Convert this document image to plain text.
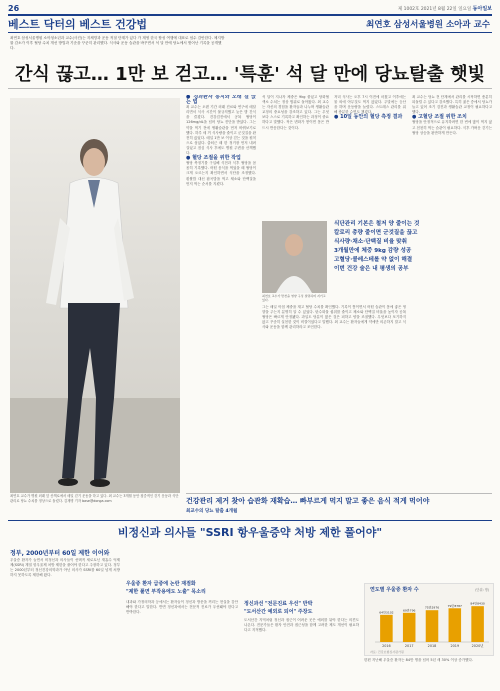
26	제 1002호 2021년 8월 22일 일요일 동아일보
베스트 닥터의 베스트 건강법	최연호 삼성서울병원 소아과 교수
최연호 삼성서울병원 소아청소년과 교수(사진)는 지체망과 운동 적절 단계가 있다 가 재영 한국 합성 여행에 대표로 엄수 감안한다. 체지방률 감소가 이후 혈당 수치 개선 방법과 기준을 꾸준히 관리했다. 식사와 운동 습관을 바꾸면서 석 달 만에 당뇨에서 벗어난 기록을 공개했다.
간식 끊고… 1만 보 걷고… '특훈' 석 달 만에 당뇨탈출 햇빛
최연호 교수가 병원 외래 앞 산책로에서 매일 걷기 운동을 하고 있다. 최 교수는 3개월 동안 집중적인 걷기 운동과 식단 관리로 당뇨 수치를 정상으로 돌렸다. 김재명 기자 base@donga.com
● 경과환자 통지와 오래 걸 앉는 법
최 교수는 오랜 기간 외래 진료와 연구에 매달리면서 식사 시간이 불규칙했고 늦은 밤 간식을 즐겼다. 건강검진에서 공복 혈당이 126mg/dL을 넘어 당뇨 진단을 받았다. 그는 약을 먹기 전에 생활습관을 먼저 바꿔보기로 했다. 하루 세 끼 식사량을 줄이고 군것질을 완전히 끊었다. 매일 1만 보 이상 걷는 것을 원칙으로 삼았다. 출퇴근 때 한 정거장 먼저 내려 걸었고 점심 식사 후에도 병원 주변을 산책했다.
● 혈당 조절을 위한 작업
혈당 측정기를 구입해 식전과 식후 혈당을 꼼꼼히 기록했다. 어떤 음식을 먹었을 때 혈당이 크게 오르는지 확인하면서 식단을 조정했다. 흰쌀밥 대신 잡곡밥을 먹고 채소와 단백질을 먼저 먹는 순서를 지켰다.
석 달이 지나자 체중은 9kg 줄었고 당화혈색소 수치는 정상 범위로 돌아왔다. 최 교수는 자신의 경험을 환자들과 나누며 생활습관 교정의 중요성을 강조하고 있다. 그는 무엇보다 스스로 기록하고 확인하는 과정이 중요하다고 말했다. 작은 변화가 쌓이면 몸은 반드시 반응한다는 것이다.
저녁 식사는 오후 7시 이전에 마쳤고 이후에는 물 외에 아무것도 먹지 않았다. 주말에는 등산을 하며 운동량을 늘렸다. 스트레스 관리를 위해 충분한 수면도 챙겼다.
● 10일 동안의 혈당 측정 결과
최 교수는 당뇨 전 단계에서 관리를 시작하면 충분히 되돌릴 수 있다고 강조했다. 특히 젊은 층에서 당뇨가 늘고 있어 조기 검진과 생활습관 교정이 필요하다고 했다.
● 고혈당 조절 위한 조치
혈당을 안정적으로 유지하려면 한 번에 많이 먹지 않고 천천히 먹는 습관이 필요하다. 식후 가벼운 걷기는 혈당 상승을 완만하게 만든다.
최연호 교수가 반찬을 영양 구성 설명하며 지키고 있다.
식단관리 기본은 철저 양 줄이는 것
칼로리 총량 줄이면 군것질을 끊고
식사량·채소·단백질 비율 맞춰
3개월만에 체중 9kg 감량 성공
고혈당·콜레스테롤 약 없이 해결
이번 건강 술은 내 평생의 공부
그는 매일 아침 체중을 재고 혈당 수치를 확인했다. 기록이 쌓이면서 어떤 습관이 몸에 좋은 영향을 주는지 분명히 알 수 있었다. 탄수화물 섭취를 줄이고 채소와 단백질 비율을 높이자 공복 혈당은 빠르게 안정됐다. 과일도 당분이 많은 것은 피하고 양을 조절했다. 무엇보다 포기하지 않고 꾸준히 실천한 것이 비결이었다고 말했다. 최 교수는 환자들에게 약에만 의존하지 말고 식사와 운동을 함께 관리하라고 조언한다.
건강관리 제거 찾아 습관화 재확습… 빠부르게 먹지 말고 좋은 음식 적게 먹어야
최교수의 당뇨 탈출 4개월
비정신과 의사들 "SSRI 항우울증약 처방 제한 풀어야"
정부, 2000년부터 60일 제한 이어와
우울증 환자가 늘면서 비정신과 의사들이 선택적 세로토닌 재흡수 억제제(SSRI) 계열 항우울제 처방 제한을 풀어야 한다고 주장하고 있다. 정부는 2000년부터 정신건강의학과가 아닌 의사가 SSRI를 60일 넘게 처방하지 못하도록 제한해 왔다.
우울증 환자 급증에 논란 재점화
"제한 풀면 부작용에도 노출" 목소리
내과와 가정의학과 등에서는 환자들이 정신과 방문을 꺼리는 현실을 감안해야 한다고 말한다. 반면 정신과에서는 전문적 진료가 우선돼야 한다고 반박한다.
정신과선 "전문진료 우선" 반박
"도서산간 예외로 되어" 주장도
도서산간 지역처럼 정신과 접근이 어려운 곳은 예외를 둬야 한다는 의견도 나온다. 전문가들은 환자 안전과 접근성을 함께 고려한 제도 개선이 필요하다고 지적했다.
연도별 우울증 환자 수	(단위: 명)
64만3102
2016
69만796
2017
75만2976
2018
79만8787
2019
84만8430
2020년
자료: 건강보험심사평가원
한편 지난해 우울증 환자는 84만 명을 넘어 5년 새 30% 이상 증가했다.
